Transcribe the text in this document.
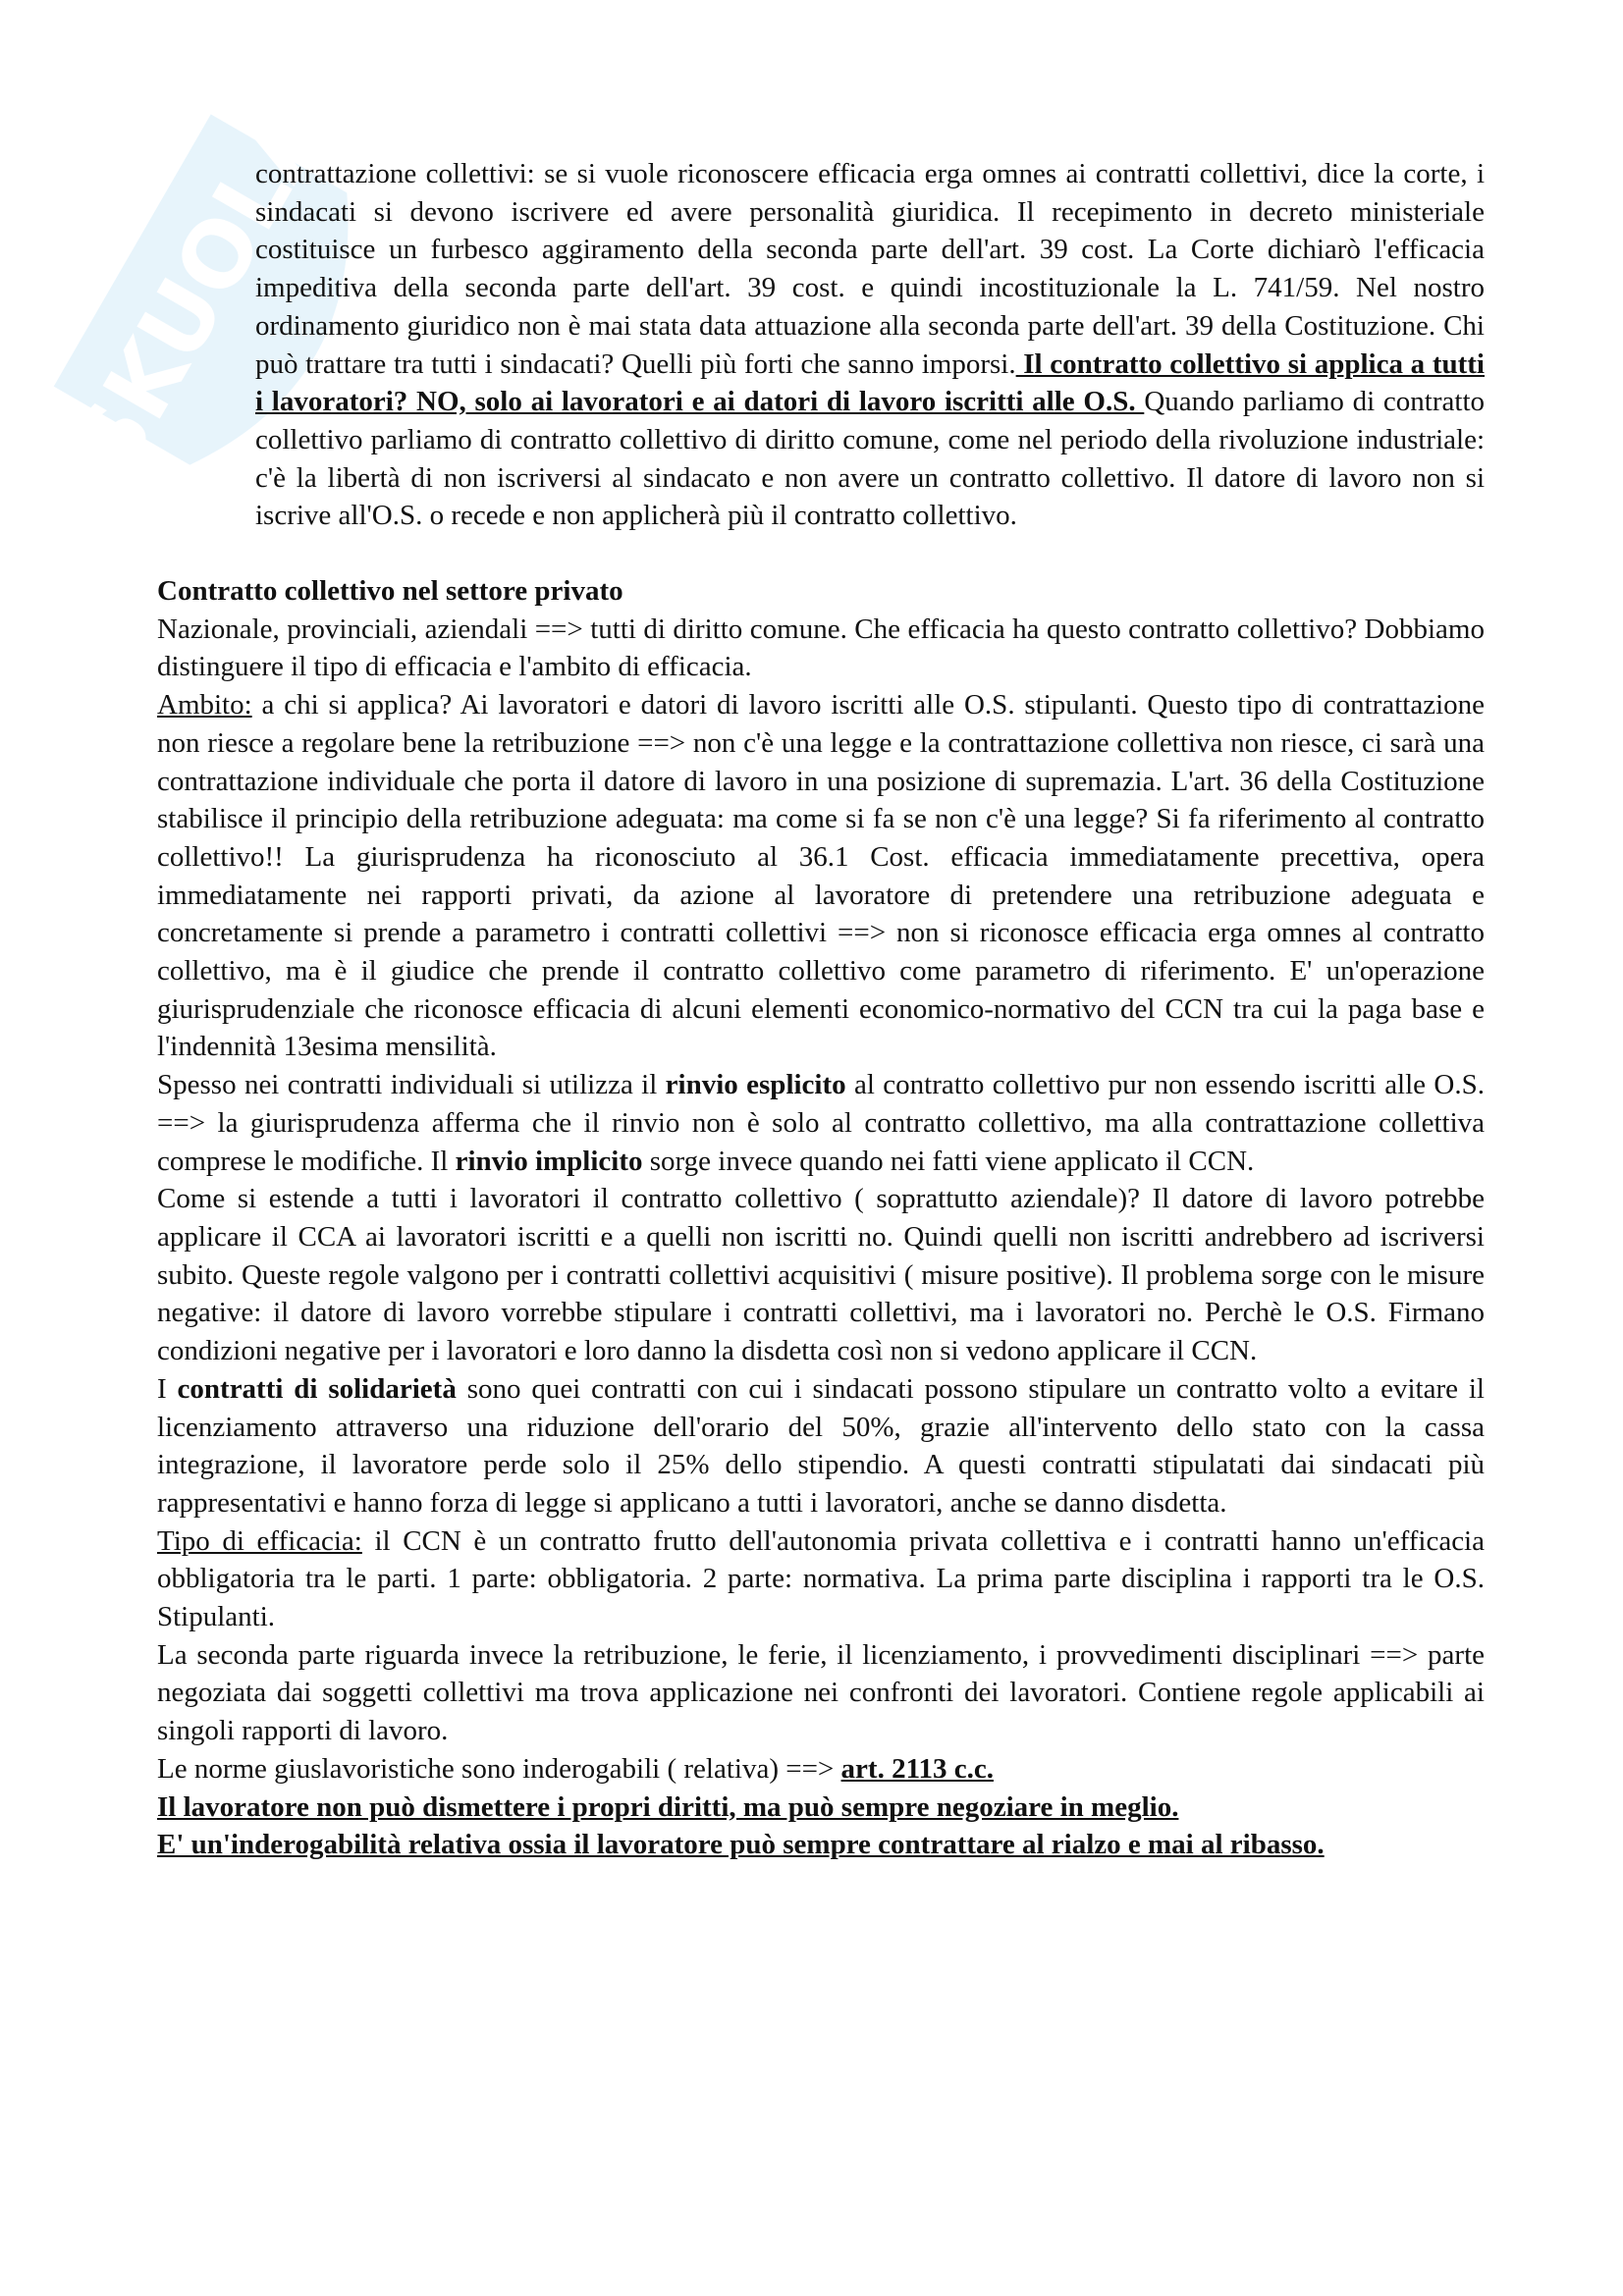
SKUOLA

contrattazione collettivi: se si vuole riconoscere efficacia erga omnes ai contratti collettivi, dice la corte, i sindacati si devono iscrivere ed avere personalità giuridica. Il recepimento in decreto ministeriale costituisce un furbesco aggiramento della seconda parte dell'art. 39 cost. La Corte dichiarò l'efficacia impeditiva della seconda parte dell'art. 39 cost. e quindi incostituzionale la L. 741/59. Nel nostro ordinamento giuridico non è mai stata data attuazione alla seconda parte dell'art. 39 della Costituzione. Chi può trattare tra tutti i sindacati? Quelli più forti che sanno imporsi. Il contratto collettivo si applica a tutti i lavoratori? NO, solo ai lavoratori e ai datori di lavoro iscritti alle O.S. Quando parliamo di contratto collettivo parliamo di contratto collettivo di diritto comune, come nel periodo della rivoluzione industriale: c'è la libertà di non iscriversi al sindacato e non avere un contratto collettivo. Il datore di lavoro non si iscrive all'O.S. o recede e non applicherà più il contratto collettivo.

Contratto collettivo nel settore privato

Nazionale, provinciali, aziendali ==> tutti di diritto comune. Che efficacia ha questo contratto collettivo? Dobbiamo distinguere il tipo di efficacia e l'ambito di efficacia.

Ambito: a chi si applica? Ai lavoratori e datori di lavoro iscritti alle O.S. stipulanti. Questo tipo di contrattazione non riesce a regolare bene la retribuzione ==> non c'è una legge e la contrattazione collettiva non riesce, ci sarà una contrattazione individuale che porta il datore di lavoro in una posizione di supremazia. L'art. 36 della Costituzione stabilisce il principio della retribuzione adeguata: ma come si fa se non c'è una legge? Si fa riferimento al contratto collettivo!! La giurisprudenza ha riconosciuto al 36.1 Cost. efficacia immediatamente precettiva, opera immediatamente nei rapporti privati, da azione al lavoratore di pretendere una retribuzione adeguata e concretamente si prende a parametro i contratti collettivi ==> non si riconosce efficacia erga omnes al contratto collettivo, ma è il giudice che prende il contratto collettivo come parametro di riferimento. E' un'operazione giurisprudenziale che riconosce efficacia di alcuni elementi economico-normativo del CCN tra cui la paga base e l'indennità 13esima mensilità.

Spesso nei contratti individuali si utilizza il rinvio esplicito al contratto collettivo pur non essendo iscritti alle O.S. ==> la giurisprudenza afferma che il rinvio non è solo al contratto collettivo, ma alla contrattazione collettiva comprese le modifiche. Il rinvio implicito sorge invece quando nei fatti viene applicato il CCN.

Come si estende a tutti i lavoratori il contratto collettivo ( soprattutto aziendale)? Il datore di lavoro potrebbe applicare il CCA ai lavoratori iscritti e a quelli non iscritti no. Quindi quelli non iscritti andrebbero ad iscriversi subito. Queste regole valgono per i contratti collettivi acquisitivi ( misure positive). Il problema sorge con le misure negative: il datore di lavoro vorrebbe stipulare i contratti collettivi, ma i lavoratori no. Perchè le O.S. Firmano condizioni negative per i lavoratori e loro danno la disdetta così non si vedono applicare il CCN.

I contratti di solidarietà sono quei contratti con cui i sindacati possono stipulare un contratto volto a evitare il licenziamento attraverso una riduzione dell'orario del 50%, grazie all'intervento dello stato con la cassa integrazione, il lavoratore perde solo il 25% dello stipendio. A questi contratti stipulatati dai sindacati più rappresentativi e hanno forza di legge si applicano a tutti i lavoratori, anche se danno disdetta.

Tipo di efficacia: il CCN è un contratto frutto dell'autonomia privata collettiva e i contratti hanno un'efficacia obbligatoria tra le parti. 1 parte: obbligatoria. 2 parte: normativa. La prima parte disciplina i rapporti tra le O.S. Stipulanti.

La seconda parte riguarda invece la retribuzione, le ferie, il licenziamento, i provvedimenti disciplinari ==> parte negoziata dai soggetti collettivi ma trova applicazione nei confronti dei lavoratori. Contiene regole applicabili ai singoli rapporti di lavoro.

Le norme giuslavoristiche sono inderogabili ( relativa) ==> art. 2113 c.c.

Il lavoratore non può dismettere i propri diritti, ma può sempre negoziare in meglio.

E' un'inderogabilità relativa ossia il lavoratore può sempre contrattare al rialzo e mai al ribasso.
